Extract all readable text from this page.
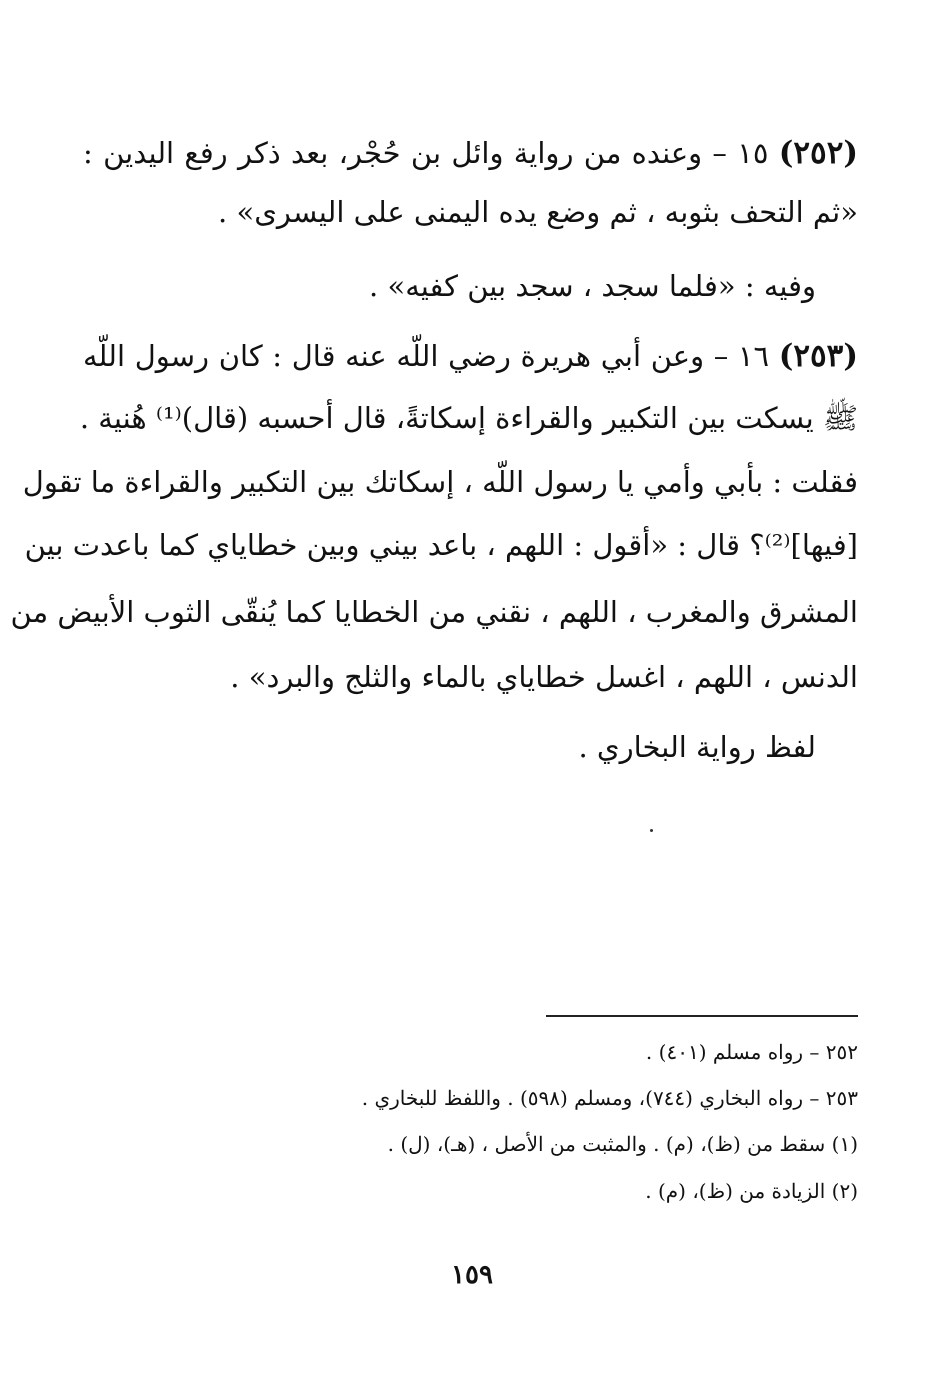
(٢٥٢) ١٥ – وعنده من رواية وائل بن حُجْر، بعد ذكر رفع اليدين :
«ثم التحف بثوبه ، ثم وضع يده اليمنى على اليسرى» .
وفيه : «فلما سجد ، سجد بين كفيه» .
(٢٥٣) ١٦ – وعن أبي هريرة رضي اللّه عنه قال : كان رسول اللّه
ﷺ يسكت بين التكبير والقراءة إسكاتةً، قال أحسبه (قال)⁽¹⁾ هُنية .
فقلت : بأبي وأمي يا رسول اللّه ، إسكاتك بين التكبير والقراءة ما تقول
[فيها]⁽²⁾؟ قال : «أقول : اللهم ، باعد بيني وبين خطاياي كما باعدت بين
المشرق والمغرب ، اللهم ، نقني من الخطايا كما يُنقّى الثوب الأبيض من
الدنس ، اللهم ، اغسل خطاياي بالماء والثلج والبرد» .
لفظ رواية البخاري .
٢٥٢ – رواه مسلم (٤٠١) .
٢٥٣ – رواه البخاري (٧٤٤)، ومسلم (٥٩٨) . واللفظ للبخاري .
(١) سقط من (ظ)، (م) . والمثبت من الأصل ، (هـ)، (ل) .
(٢) الزيادة من (ظ)، (م) .
١٥٩
